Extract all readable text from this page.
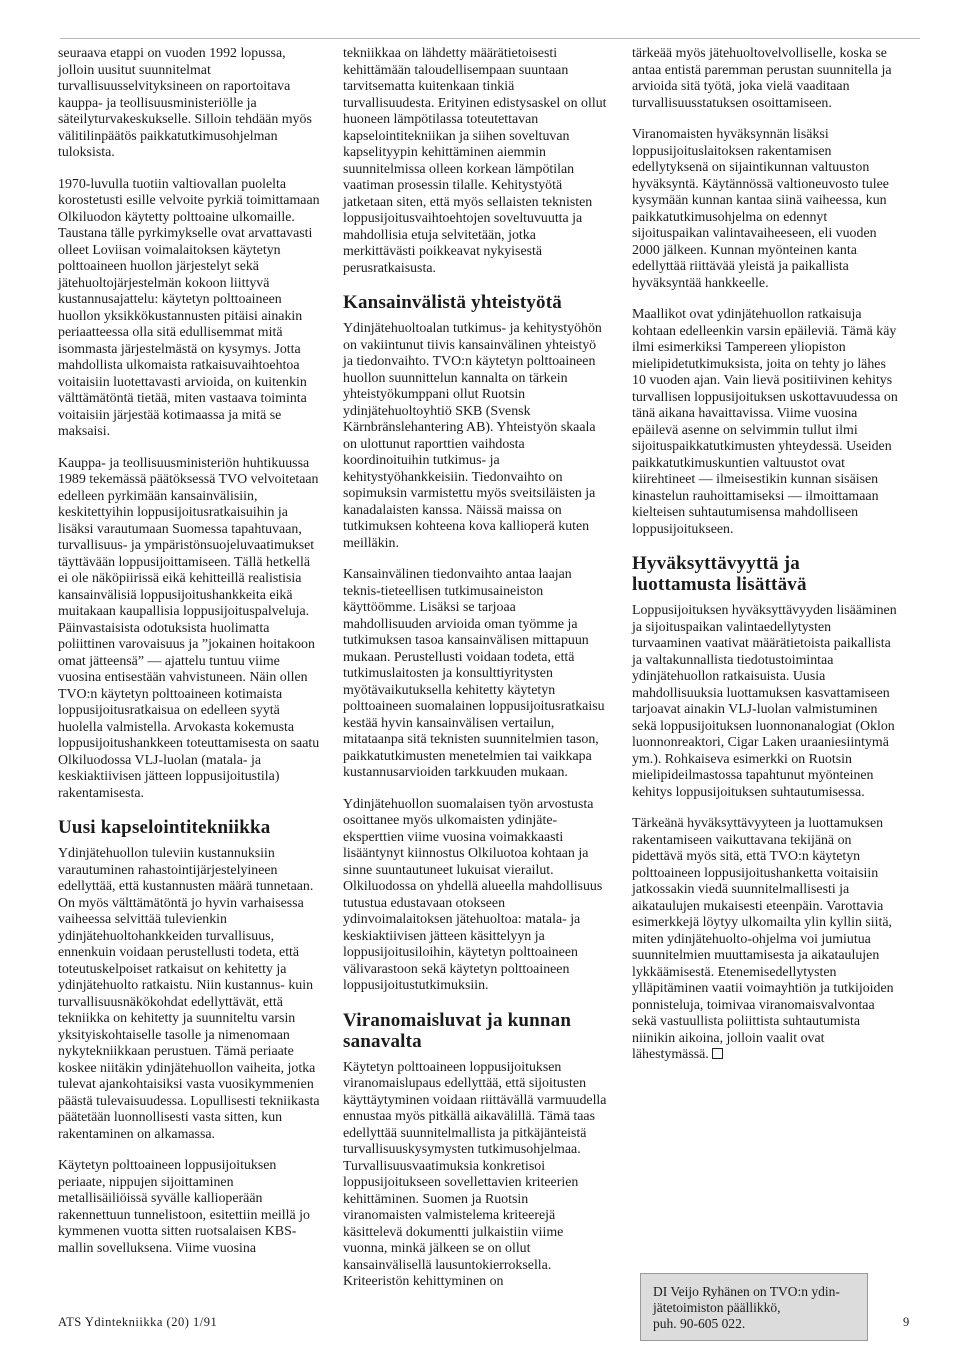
seuraava etappi on vuoden 1992 lopussa, jolloin uusitut suunnitelmat turvallisuusselvityksineen on raportoitava kauppa- ja teollisuusministeriölle ja säteilyturvakeskukselle. Silloin tehdään myös välitilinpäätös paikkatutkimusohjelman tuloksista.

1970-luvulla tuotiin valtiovallan puolelta korostetusti esille velvoite pyrkiä toimittamaan Olkiluodon käytetty polttoaine ulkomaille. Taustana tälle pyrkimykselle ovat arvattavasti olleet Loviisan voimalaitoksen käytetyn polttoaineen huollon järjestelyt sekä jätehuoltojärjestelmän kokoon liittyvä kustannusajattelu: käytetyn polttoaineen huollon yksikkökustannusten pitäisi ainakin periaatteessa olla sitä edullisemmat mitä isommasta järjestelmästä on kysymys. Jotta mahdollista ulkomaista ratkaisuvaihtoehtoa voitaisiin luotettavasti arvioida, on kuitenkin välttämätöntä tietää, miten vastaava toiminta voitaisiin järjestää kotimaassa ja mitä se maksaisi.

Kauppa- ja teollisuusministeriön huhtikuussa 1989 tekemässä päätöksessä TVO velvoitetaan edelleen pyrkimään kansainvälisiin, keskitettyihin loppusijoitusratkaisuihin ja lisäksi varautumaan Suomessa tapahtuvaan, turvallisuus- ja ympäristönsuojeluvaatimukset täyttävään loppusijoittamiseen. Tällä hetkellä ei ole näköpiirissä eikä kehitteillä realistisia kansainvälisiä loppusijoitushankkeita eikä muitakaan kaupallisia loppusijoituspalveluja. Päinvastaisista odotuksista huolimatta poliittinen varovaisuus ja ”jokainen hoitakoon omat jätteensä” — ajattelu tuntuu viime vuosina entisestään vahvistuneen. Näin ollen TVO:n käytetyn polttoaineen kotimaista loppusijoitusratkaisua on edelleen syytä huolella valmistella. Arvokasta kokemusta loppusijoitushankkeen toteuttamisesta on saatu Olkiluodossa VLJ-luolan (matala- ja keskiaktiivisen jätteen loppusijoitustila) rakentamisesta.

Uusi kapselointitekniikka

Ydinjätehuollon tuleviin kustannuksiin varautuminen rahastointijärjestelyineen edellyttää, että kustannusten määrä tunnetaan. On myös välttämätöntä jo hyvin varhaisessa vaiheessa selvittää tulevienkin ydinjätehuoltohankkeiden turvallisuus, ennenkuin voidaan perustellusti todeta, että toteutuskelpoiset ratkaisut on kehitetty ja ydinjätehuolto ratkaistu. Niin kustannus- kuin turvallisuusnäkökohdat edellyttävät, että tekniikka on kehitetty ja suunniteltu varsin yksityiskohtaiselle tasolle ja nimenomaan nykytekniikkaan perustuen. Tämä periaate koskee niitäkin ydinjätehuollon vaiheita, jotka tulevat ajankohtaisiksi vasta vuosikymmenien päästä tulevaisuudessa. Lopullisesti tekniikasta päätetään luonnollisesti vasta sitten, kun rakentaminen on alkamassa.

Käytetyn polttoaineen loppusijoituksen periaate, nippujen sijoittaminen metallisäiliöissä syvälle kallioperään rakennettuun tunnelistoon, esitettiin meillä jo kymmenen vuotta sitten ruotsalaisen KBS-mallin sovelluksena. Viime vuosina

tekniikkaa on lähdetty määrätietoisesti kehittämään taloudellisempaan suuntaan tarvitsematta kuitenkaan tinkiä turvallisuudesta. Erityinen edistysaskel on ollut huoneen lämpötilassa toteutettavan kapselointitekniikan ja siihen soveltuvan kapselityypin kehittäminen aiemmin suunnitelmissa olleen korkean lämpötilan vaatiman prosessin tilalle. Kehitystyötä jatketaan siten, että myös sellaisten teknisten loppusijoitusvaihtoehtojen soveltuvuutta ja mahdollisia etuja selvitetään, jotka merkittävästi poikkeavat nykyisestä perusratkaisusta.

Kansainvälistä yhteistyötä

Ydinjätehuoltoalan tutkimus- ja kehitystyöhön on vakiintunut tiivis kansainvälinen yhteistyö ja tiedonvaihto. TVO:n käytetyn polttoaineen huollon suunnittelun kannalta on tärkein yhteistyökumppani ollut Ruotsin ydinjätehuoltoyhtiö SKB (Svensk Kärnbränslehantering AB). Yhteistyön skaala on ulottunut raporttien vaihdosta koordinoituihin tutkimus- ja kehitystyöhankkeisiin. Tiedonvaihto on sopimuksin varmistettu myös sveitsiläisten ja kanadalaisten kanssa. Näissä maissa on tutkimuksen kohteena kova kallioperä kuten meilläkin.

Kansainvälinen tiedonvaihto antaa laajan teknis-tieteellisen tutkimusaineiston käyttöömme. Lisäksi se tarjoaa mahdollisuuden arvioida oman työmme ja tutkimuksen tasoa kansainvälisen mittapuun mukaan. Perustellusti voidaan todeta, että tutkimuslaitosten ja konsulttiyritysten myötävaikutuksella kehitetty käytetyn polttoaineen suomalainen loppusijoitusratkaisu kestää hyvin kansainvälisen vertailun, mitataanpa sitä teknisten suunnitelmien tason, paikkatutkimusten menetelmien tai vaikkapa kustannusarvioiden tarkkuuden mukaan.

Ydinjätehuollon suomalaisen työn arvostusta osoittanee myös ulkomaisten ydinjäte-eksperttien viime vuosina voimakkaasti lisääntynyt kiinnostus Olkiluotoa kohtaan ja sinne suuntautuneet lukuisat vierailut. Olkiluodossa on yhdellä alueella mahdollisuus tutustua edustavaan otokseen ydinvoimalaitoksen jätehuoltoa: matala- ja keskiaktiivisen jätteen käsittelyyn ja loppusijoitusiloihin, käytetyn polttoaineen välivarastoon sekä käytetyn polttoaineen loppusijoitustutkimuksiin.

Viranomaisluvat ja kunnan sanavalta

Käytetyn polttoaineen loppusijoituksen viranomaislupaus edellyttää, että sijoitusten käyttäytyminen voidaan riittävällä varmuudella ennustaa myös pitkällä aikavälillä. Tämä taas edellyttää suunnitelmallista ja pitkäjänteistä turvallisuuskysymysten tutkimusohjelmaa. Turvallisuusvaatimuksia konkretisoi loppusijoitukseen sovellettavien kriteerien kehittäminen. Suomen ja Ruotsin viranomaisten valmistelema kriteerejä käsittelevä dokumentti julkaistiin viime vuonna, minkä jälkeen se on ollut kansainvälisellä lausuntokierroksella. Kriteeristön kehittyminen on

tärkeää myös jätehuoltovelvolliselle, koska se antaa entistä paremman perustan suunnitella ja arvioida sitä työtä, joka vielä vaaditaan turvallisuusstatuksen osoittamiseen.

Viranomaisten hyväksynnän lisäksi loppusijoituslaitoksen rakentamisen edellytyksenä on sijaintikunnan valtuuston hyväksyntä. Käytännössä valtioneuvosto tulee kysymään kunnan kantaa siinä vaiheessa, kun paikkatutkimusohjelma on edennyt sijoituspaikan valintavaiheeseen, eli vuoden 2000 jälkeen. Kunnan myönteinen kanta edellyttää riittävää yleistä ja paikallista hyväksyntää hankkeelle.

Maallikot ovat ydinjätehuollon ratkaisuja kohtaan edelleenkin varsin epäileviä. Tämä käy ilmi esimerkiksi Tampereen yliopiston mielipidetutkimuksista, joita on tehty jo lähes 10 vuoden ajan. Vain lievä positiivinen kehitys turvallisen loppusijoituksen uskottavuudessa on tänä aikana havaittavissa. Viime vuosina epäilevä asenne on selvimmin tullut ilmi sijoituspaikkatutkimusten yhteydessä. Useiden paikkatutkimuskuntien valtuustot ovat kiirehtineet — ilmeisestikin kunnan sisäisen kinastelun rauhoittamiseksi — ilmoittamaan kielteisen suhtautumisensa mahdolliseen loppusijoitukseen.

Hyväksyttävyyttä ja luottamusta lisättävä

Loppusijoituksen hyväksyttävyyden lisääminen ja sijoituspaikan valintaedellytysten turvaaminen vaativat määrätietoista paikallista ja valtakunnallista tiedotustoimintaa ydinjätehuollon ratkaisuista. Uusia mahdollisuuksia luottamuksen kasvattamiseen tarjoavat ainakin VLJ-luolan valmistuminen sekä loppusijoituksen luonnonanalogiat (Oklon luonnonreaktori, Cigar Laken uraaniesiintymä ym.). Rohkaiseva esimerkki on Ruotsin mielipideilmastossa tapahtunut myönteinen kehitys loppusijoituksen suhtautumisessa.

Tärkeänä hyväksyttävyyteen ja luottamuksen rakentamiseen vaikuttavana tekijänä on pidettävä myös sitä, että TVO:n käytetyn polttoaineen loppusijoitushanketta voitaisiin jatkossakin viedä suunnitelmallisesti ja aikataulujen mukaisesti eteenpäin. Varottavia esimerkkejä löytyy ulkomailta ylin kyllin siitä, miten ydinjätehuolto-ohjelma voi jumiutua suunnitelmien muuttamisesta ja aikataulujen lykkäämisestä. Etenemisedellytysten ylläpitäminen vaatii voimayhtiön ja tutkijoiden ponnisteluja, toimivaa viranomaisvalvontaa sekä vastuullista poliittista suhtautumista niinikin aikoina, jolloin vaalit ovat lähestymässä.

DI Veijo Ryhänen on TVO:n ydin-
jätetoimiston päällikkö,
puh. 90-605 022.
ATS Ydintekniikka (20) 1/91	9
